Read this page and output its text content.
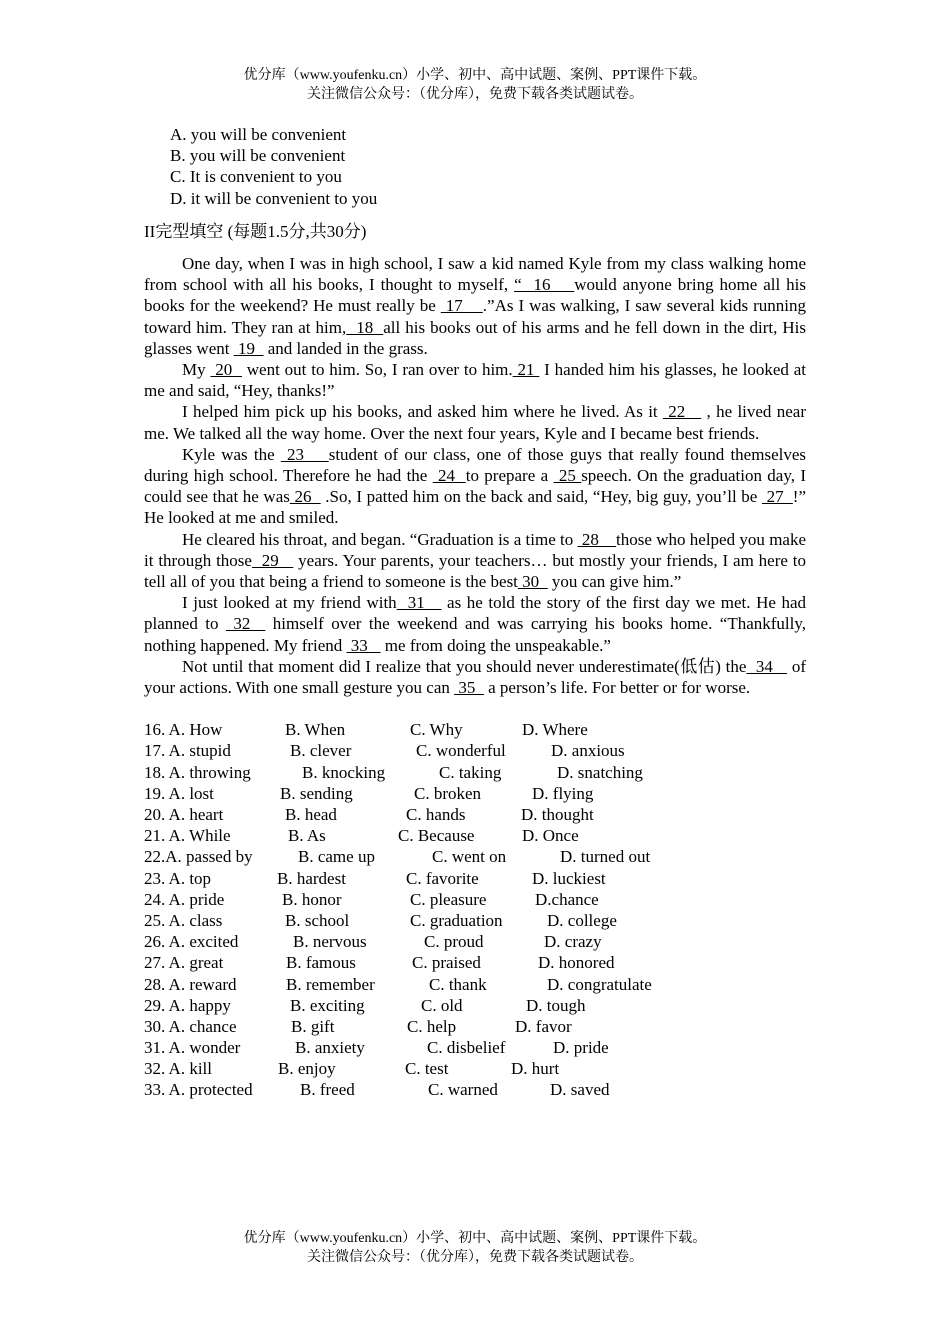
优分库（www.youfenku.cn）小学、初中、高中试题、案例、PPT课件下载。

关注微信公众号：（优分库），免费下载各类试题试卷。

A. you will be convenient
B. you will be convenient
C. It is convenient to you
D. it will be convenient to you
II完型填空 (每题1.5分,共30分)

One day, when I was in high school, I saw a kid named Kyle from my class walking home from school with all his books, I thought to myself, “  16    would anyone bring home all his books for the weekend? He must really be  17    .”As I was walking, I saw several kids running toward him. They ran at him,  18  all his books out of his arms and he fell down in the dirt, His glasses went  19   and landed in the grass.

My  20   went out to him. So, I ran over to him. 21  I handed him his glasses, he looked at me and said, “Hey, thanks!”

I helped him pick up his books, and asked him where he lived. As it  22    , he lived near me. We talked all the way home. Over the next four years, Kyle and I became best friends.

Kyle was the  23    student of our class, one of those guys that really found themselves during high school. Therefore he had the  24  to prepare a  25 speech. On the graduation day, I could see that he was 26   .So, I patted him on the back and said, “Hey, big guy, you’ll be  27  !” He looked at me and smiled.

He cleared his throat, and began. “Graduation is a time to  28    those who helped you make it through those  29    years. Your parents, your teachers… but mostly your friends, I am here to tell all of you that being a friend to someone is the best 30   you can give him.”

I just looked at my friend with  31    as he told the story of the first day we met. He had planned to  32   himself over the weekend and was carrying his books home. “Thankfully, nothing happened. My friend  33    me from doing the unspeakable.”

Not until that moment did I realize that you should never underestimate(低估) the  34    of your actions. With one small gesture you can  35   a person’s life. For better or for worse.

16. A. How	B. When	C. Why	D. Where
17. A. stupid	B. clever	C. wonderful	D. anxious
18. A. throwing	B. knocking	C. taking	D. snatching
19. A. lost	B. sending	C. broken	D. flying
20. A. heart	B. head	C. hands	D. thought
21. A. While	B. As	C. Because	D. Once
22.A. passed by	B. came up	C. went on	D. turned out
23. A. top	B. hardest	C. favorite	D. luckiest
24. A. pride	B. honor	C. pleasure	D.chance
25. A. class	B. school	C. graduation	D. college
26. A. excited	B. nervous	C. proud	D. crazy
27. A. great	B. famous	C. praised	D. honored
28. A. reward	B. remember	C. thank	D. congratulate
29. A. happy	B. exciting	C. old	D. tough
30. A. chance	B. gift	C. help	D. favor
31. A. wonder	B. anxiety	C. disbelief	D. pride
32. A. kill	B. enjoy	C. test	D. hurt
33. A. protected	B. freed	C. warned	D. saved

优分库（www.youfenku.cn）小学、初中、高中试题、案例、PPT课件下载。

关注微信公众号：（优分库），免费下载各类试题试卷。
